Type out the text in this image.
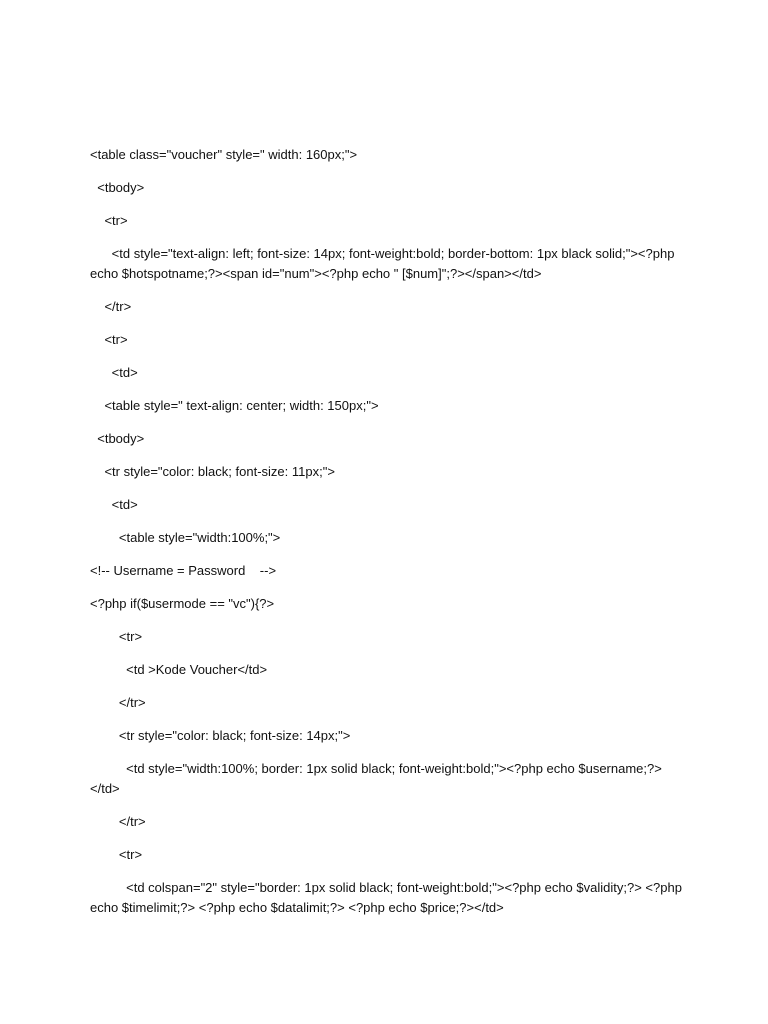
<table class="voucher" style=" width: 160px;">

<tbody>

<tr>

<td style="text-align: left; font-size: 14px; font-weight:bold; border-bottom: 1px black solid;"><?php echo $hotspotname;?><span id="num"><?php echo " [$num]";?></span></td>

</tr>

<tr>

<td>

<table style=" text-align: center; width: 150px;">

<tbody>

<tr style="color: black; font-size: 11px;">

<td>

<table style="width:100%;">

<!-- Username = Password    -->

<?php if($usermode == "vc"){?>

<tr>

<td >Kode Voucher</td>

</tr>

<tr style="color: black; font-size: 14px;">

<td style="width:100%; border: 1px solid black; font-weight:bold;"><?php echo $username;?></td>

</tr>

<tr>

<td colspan="2" style="border: 1px solid black; font-weight:bold;"><?php echo $validity;?> <?php echo $timelimit;?> <?php echo $datalimit;?> <?php echo $price;?></td>
